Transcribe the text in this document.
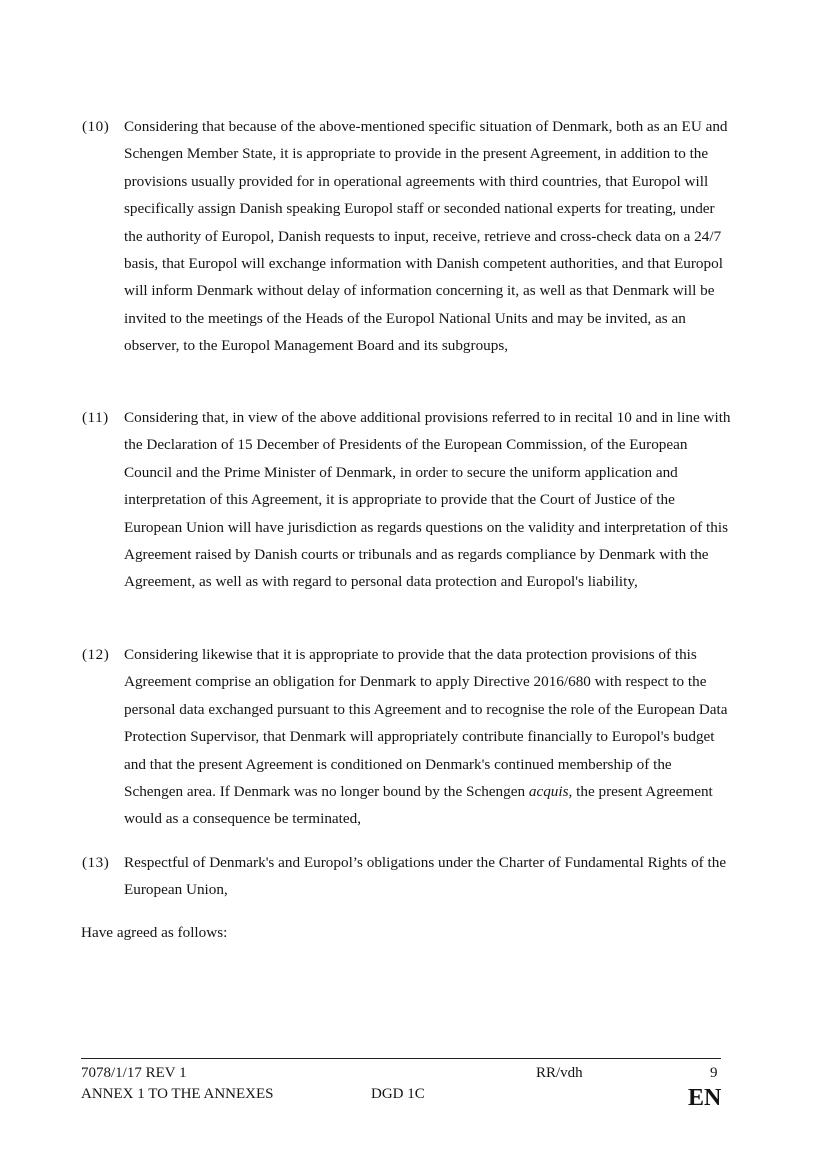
(10) Considering that because of the above-mentioned specific situation of Denmark, both as an EU and Schengen Member State, it is appropriate to provide in the present Agreement, in addition to the provisions usually provided for in operational agreements with third countries, that Europol will specifically assign Danish speaking Europol staff or seconded national experts for treating, under the authority of Europol, Danish requests to input, receive, retrieve and cross-check data on a 24/7 basis, that Europol will exchange information with Danish competent authorities, and that Europol will inform Denmark without delay of information concerning it, as well as that Denmark will be invited to the meetings of the Heads of the Europol National Units and may be invited, as an observer, to the Europol Management Board and its subgroups,
(11)	Considering that, in view of the above additional provisions referred to in recital 10 and in line with the Declaration of 15 December of Presidents of the European Commission, of the European Council and the Prime Minister of Denmark, in order to secure the uniform application and interpretation of this Agreement, it is appropriate to provide that the Court of Justice of the European Union will have jurisdiction as regards questions on the validity and interpretation of this Agreement raised by Danish courts or tribunals and as regards compliance by Denmark with the Agreement, as well as with regard to personal data protection and Europol's liability,
(12) Considering likewise that it is appropriate to provide that the data protection provisions of this Agreement comprise an obligation for Denmark to apply Directive 2016/680 with respect to the personal data exchanged pursuant to this Agreement and to recognise the role of the European Data Protection Supervisor, that Denmark will appropriately contribute financially to Europol's budget and that the present Agreement is conditioned on Denmark's continued membership of the Schengen area. If Denmark was no longer bound by the Schengen acquis, the present Agreement would as a consequence be terminated,
(13) Respectful of Denmark's and Europol’s obligations under the Charter of Fundamental Rights of the European Union,
Have agreed as follows:
7078/1/17 REV 1
ANNEX 1 TO THE ANNEXES	DGD 1C
RR/vdh	9
EN
